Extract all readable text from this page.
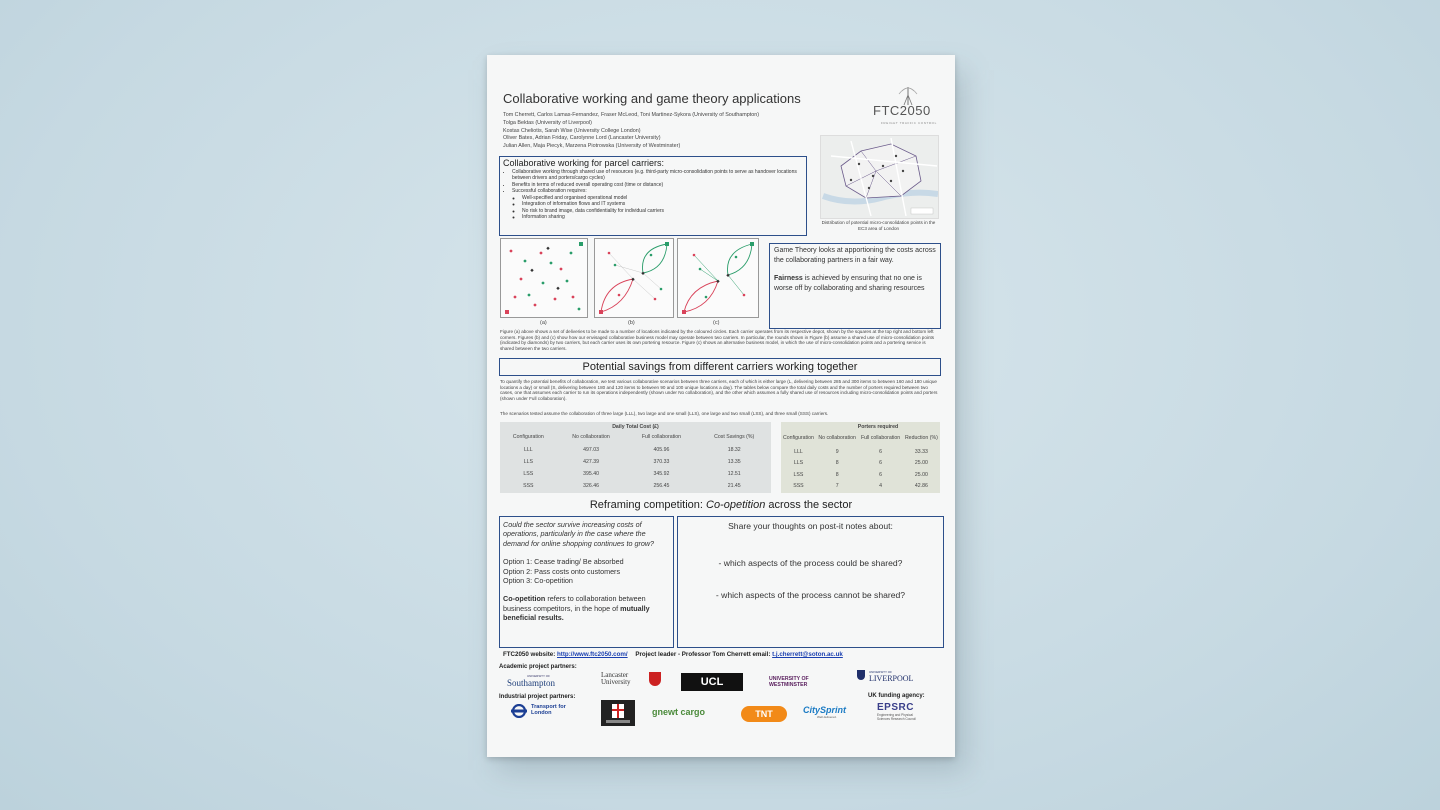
Collaborative working and game theory applications
Tom Cherrett, Carlos Lamas-Fernandez, Fraser McLeod, Toni Martinez-Sykora (University of Southampton)
Tolga Bektas (University of Liverpool)
Kostas Cheliotis, Sarah Wise (University College London)
Oliver Bates, Adrian Friday, Carolynne Lord (Lancaster University)
Julian Allen, Maja Piecyk, Marzena Piotrowska (University of Westminster)
FTC2050
FREIGHT TRAFFIC CONTROL
Collaborative working for parcel carriers:
• Collaborative working through shared use of resources (e.g. third-party micro-consolidation points to serve as handover locations between drivers and porters/cargo cycles)
• Benefits in terms of reduced overall operating cost (time or distance)
• Successful collaboration requires:
◦ Well-specified and organised operational model
◦ Integration of information flows and IT systems
◦ No risk to brand image, data confidentiality for individual carriers
◦ Information sharing
Distribution of potential micro-consolidation points in the EC3 area of London
(a)	(b)	(c)
Game Theory looks at apportioning the costs across the collaborating partners in a fair way.
Fairness is achieved by ensuring that no one is worse off by collaborating and sharing resources
Figure (a) above shows a set of deliveries to be made to a number of locations indicated by the coloured circles. Each carrier operates from its respective depot, shown by the squares at the top right and bottom left corners. Figures (b) and (c) show how our envisaged collaborative business model may operate between two carriers. In particular, the rounds shown in Figure (b) assume a shared use of micro-consolidation points (indicated by diamonds) by two carriers, but each carrier uses its own portering resource. Figure (c) shows an alternative business model, in which the use of micro-consolidation points and a portering service is shared between the two carriers.
Potential savings from different carriers working together
To quantify the potential benefits of collaboration, we test various collaborative scenarios between three carriers, each of which is either large (L, delivering between 285 and 300 items to between 160 and 180 unique locations a day) or small (S, delivering between 180 and 120 items to between 90 and 100 unique locations a day). The tables below compare the total daily costs and the number of porters required between two cases, one that assumes each carrier to run its operations independently (shown under No collaboration), and the other which assumes a fully shared use of resources including micro-consolidation points and porters (shown under Full collaboration).
The scenarios tested assume the collaboration of three large (LLL), two large and one small (LLS), one large and two small (LSS), and three small (SSS) carriers.
Daily Total Cost (£)			
Configuration	No collaboration	Full collaboration	Cost Savings (%)
LLL	497.03	405.96	18.32
LLS	427.39	370.33	13.35
LSS	395.40	345.92	12.51
SSS	326.46	256.45	21.45
	Porters required		
Configuration	No collaboration	Full collaboration	Reduction (%)
LLL	9	6	33.33
LLS	8	6	25.00
LSS	8	6	25.00
SSS	7	4	42.86
Reframing competition: Co-opetition across the sector
Could the sector survive increasing costs of operations, particularly in the case where the demand for online shopping continues to grow?
Option 1: Cease trading/ Be absorbed
Option 2: Pass costs onto customers
Option 3: Co-opetition
Co-opetition refers to collaboration between business competitors, in the hope of mutually beneficial results.
Share your thoughts on post-it notes about:
- which aspects of the process could be shared?
- which aspects of the process cannot be shared?
FTC2050 website: http://www.ftc2050.com/ Project leader - Professor Tom Cherrett email: t.j.cherrett@soton.ac.uk
Academic project partners:
Industrial project partners:	UK funding agency:
UNIVERSITY OF
Southampton
Lancaster University	UCL	UNIVERSITY OF WESTMINSTER
UNIVERSITY OF
LIVERPOOL
Transport for London	gnewt cargo	TNT	CitySprint
Well delivered.
EPSRC
Engineering and Physical Sciences Research Council
